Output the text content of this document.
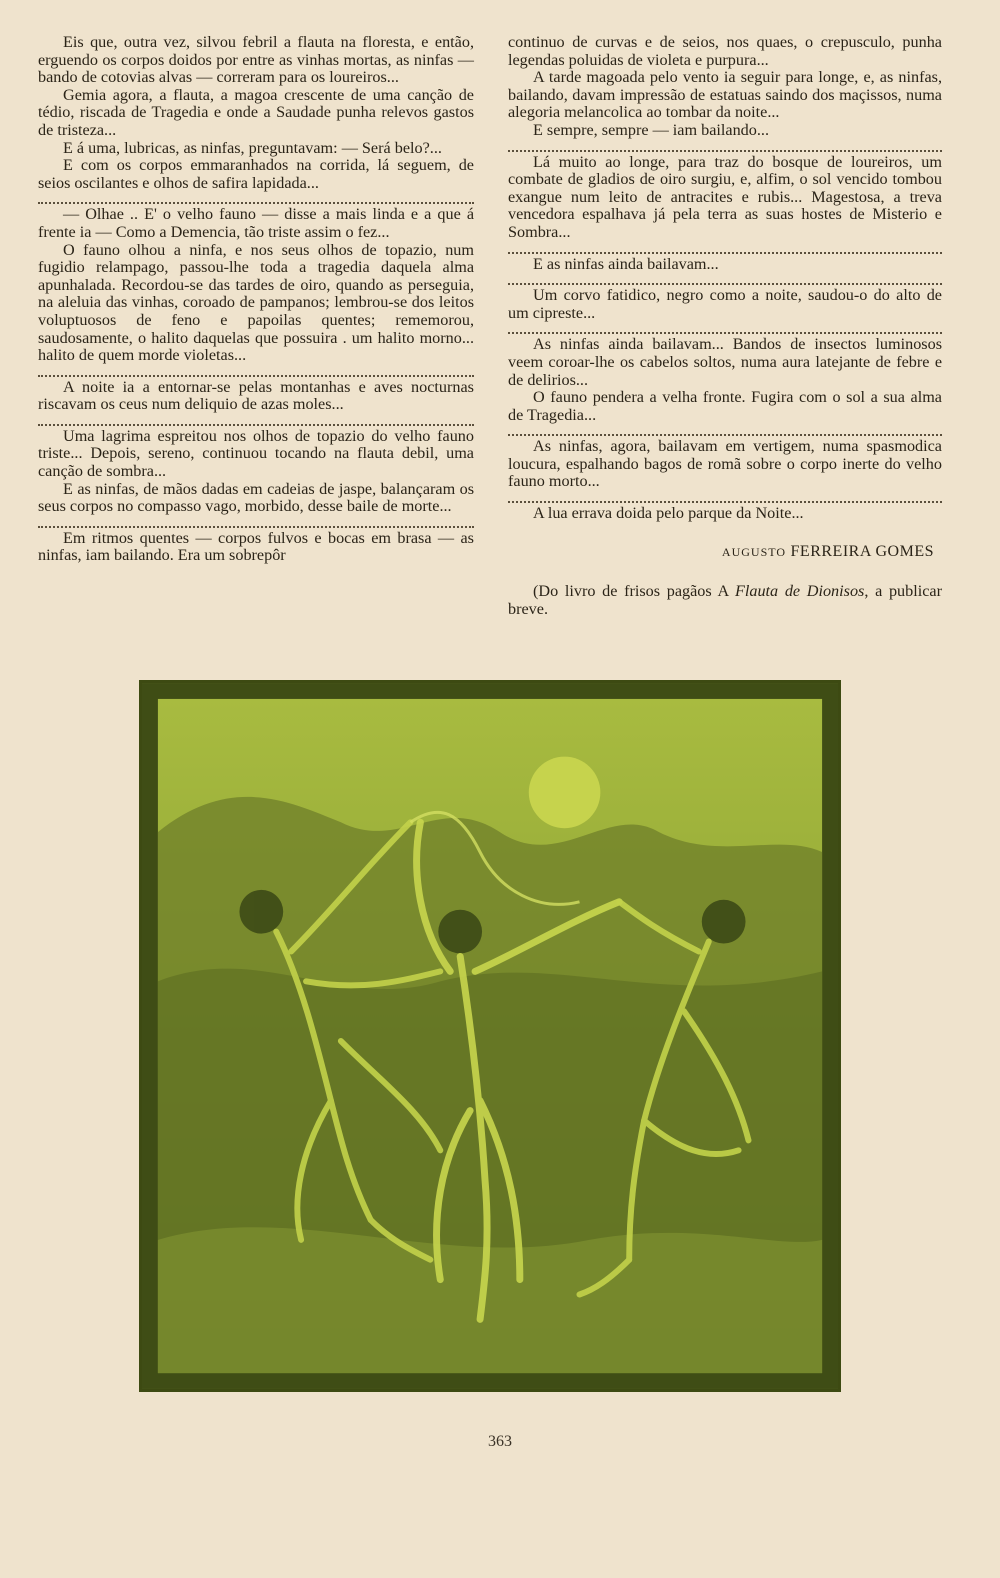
Eis que, outra vez, silvou febril a flauta na floresta, e então, erguendo os corpos doidos por entre as vinhas mortas, as ninfas — bando de cotovias alvas — correram para os loureiros...

Gemia agora, a flauta, a magoa crescente de uma canção de tédio, riscada de Tragedia e onde a Saudade punha relevos gastos de tristeza...

E á uma, lubricas, as ninfas, preguntavam: — Será belo?...

E com os corpos emmaranhados na corrida, lá seguem, de seios oscilantes e olhos de safira lapidada...

— Olhae .. E' o velho fauno — disse a mais linda e a que á frente ia — Como a Demencia, tão triste assim o fez...

O fauno olhou a ninfa, e nos seus olhos de topazio, num fugidio relampago, passou-lhe toda a tragedia daquela alma apunhalada. Recordou-se das tardes de oiro, quando as perseguia, na aleluia das vinhas, coroado de pampanos; lembrou-se dos leitos voluptuosos de feno e papoilas quentes; rememorou, saudosamente, o halito daquelas que possuira . um halito morno... halito de quem morde violetas...

A noite ia a entornar-se pelas montanhas e aves nocturnas riscavam os ceus num deliquio de azas moles...

Uma lagrima espreitou nos olhos de topazio do velho fauno triste... Depois, sereno, continuou tocando na flauta debil, uma canção de sombra...

E as ninfas, de mãos dadas em cadeias de jaspe, balançaram os seus corpos no compasso vago, morbido, desse baile de morte...

Em ritmos quentes — corpos fulvos e bocas em brasa — as ninfas, iam bailando. Era um sobrepôr

continuo de curvas e de seios, nos quaes, o crepusculo, punha legendas poluidas de violeta e purpura...

A tarde magoada pelo vento ia seguir para longe, e, as ninfas, bailando, davam impressão de estatuas saindo dos maçissos, numa alegoria melancolica ao tombar da noite...

E sempre, sempre — iam bailando...

Lá muito ao longe, para traz do bosque de loureiros, um combate de gladios de oiro surgiu, e, alfim, o sol vencido tombou exangue num leito de antracites e rubis... Magestosa, a treva vencedora espalhava já pela terra as suas hostes de Misterio e Sombra...

E as ninfas ainda bailavam...

Um corvo fatidico, negro como a noite, saudou-o do alto de um cipreste...

As ninfas ainda bailavam... Bandos de insectos luminosos veem coroar-lhe os cabelos soltos, numa aura latejante de febre e de delirios...

O fauno pendera a velha fronte. Fugira com o sol a sua alma de Tragedia...

As ninfas, agora, bailavam em vertigem, numa spasmodica loucura, espalhando bagos de romã sobre o corpo inerte do velho fauno morto...

A lua errava doida pelo parque da Noite...

AUGUSTO FERREIRA GOMES

(Do livro de frisos pagãos A Flauta de Dionisos, a publicar breve.

363
